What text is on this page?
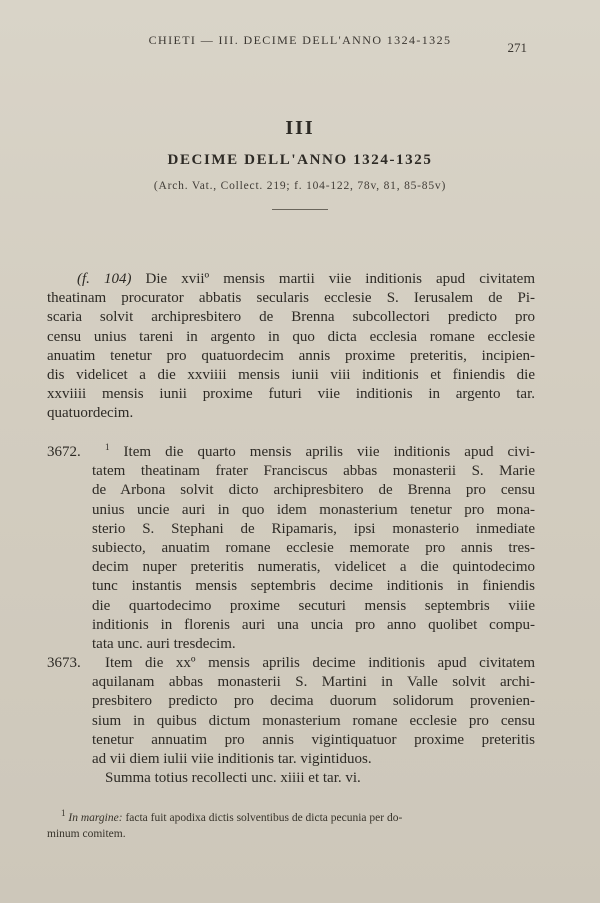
CHIETI — III. DECIME DELL'ANNO 1324-1325	271
III
DECIME DELL'ANNO 1324-1325
(Arch. Vat., Collect. 219; f. 104-122, 78v, 81, 85-85v)
(f. 104) Die xviiº mensis martii viie inditionis apud civitatem
theatinam procurator abbatis secularis ecclesie S. Ierusalem de Pi-
scaria solvit archipresbitero de Brenna subcollectori predicto pro
censu unius tareni in argento in quo dicta ecclesia romane ecclesie
anuatim tenetur pro quatuordecim annis proxime preteritis, incipien-
dis videlicet a die xxviiii mensis iunii viii inditionis et finiendis die
xxviiii mensis iunii proxime futuri viie inditionis in argento tar.
quatuordecim.
3672.	$^1$ Item die quarto mensis aprilis viie inditionis apud civi-
tatem theatinam frater Franciscus abbas monasterii S. Marie
de Arbona solvit dicto archipresbitero de Brenna pro censu
unius uncie auri in quo idem monasterium tenetur pro mona-
sterio S. Stephani de Ripamaris, ipsi monasterio inmediate
subiecto, anuatim romane ecclesie memorate pro annis tres-
decim nuper preteritis numeratis, videlicet a die quintodecimo
tunc instantis mensis septembris decime inditionis in finiendis
die quartodecimo proxime secuturi mensis septembris viiie
inditionis in florenis auri una uncia pro anno quolibet compu-
tata unc. auri tresdecim.
3673.	Item die xxº mensis aprilis decime inditionis apud civitatem
aquilanam abbas monasterii S. Martini in Valle solvit archi-
presbitero predicto pro decima duorum solidorum provenien-
sium in quibus dictum monasterium romane ecclesie pro censu
tenetur annuatim pro annis vigintiquatuor proxime preteritis
ad vii diem iulii viie inditionis tar. vigintiduos.
Summa totius recollecti unc. xiiii et tar. vi.
$^1$ In margine: facta fuit apodixa dictis solventibus de dicta pecunia per do-
minum comitem.
